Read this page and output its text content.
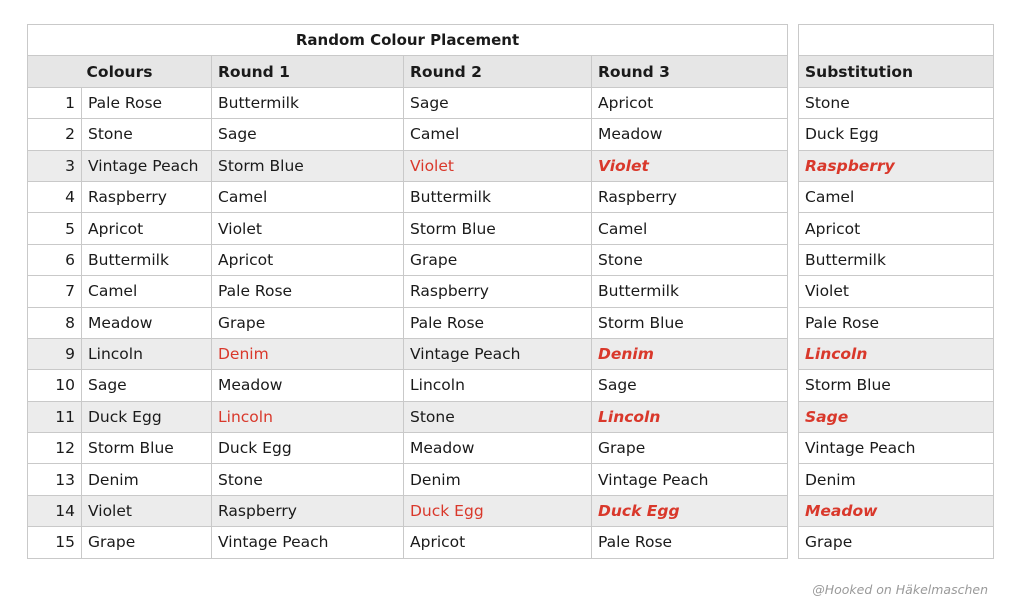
Random Colour Placement				
Colours		Round 1	Round 2	Round 3
1	Pale Rose	Buttermilk	Sage	Apricot
2	Stone	Sage	Camel	Meadow
3	Vintage Peach	Storm Blue	Violet	Violet
4	Raspberry	Camel	Buttermilk	Raspberry
5	Apricot	Violet	Storm Blue	Camel
6	Buttermilk	Apricot	Grape	Stone
7	Camel	Pale Rose	Raspberry	Buttermilk
8	Meadow	Grape	Pale Rose	Storm Blue
9	Lincoln	Denim	Vintage Peach	Denim
10	Sage	Meadow	Lincoln	Sage
11	Duck Egg	Lincoln	Stone	Lincoln
12	Storm Blue	Duck Egg	Meadow	Grape
13	Denim	Stone	Denim	Vintage Peach
14	Violet	Raspberry	Duck Egg	Duck Egg
15	Grape	Vintage Peach	Apricot	Pale Rose

Substitution
Stone
Duck Egg
Raspberry
Camel
Apricot
Buttermilk
Violet
Pale Rose
Lincoln
Storm Blue
Sage
Vintage Peach
Denim
Meadow
Grape
@Hooked on Häkelmaschen
